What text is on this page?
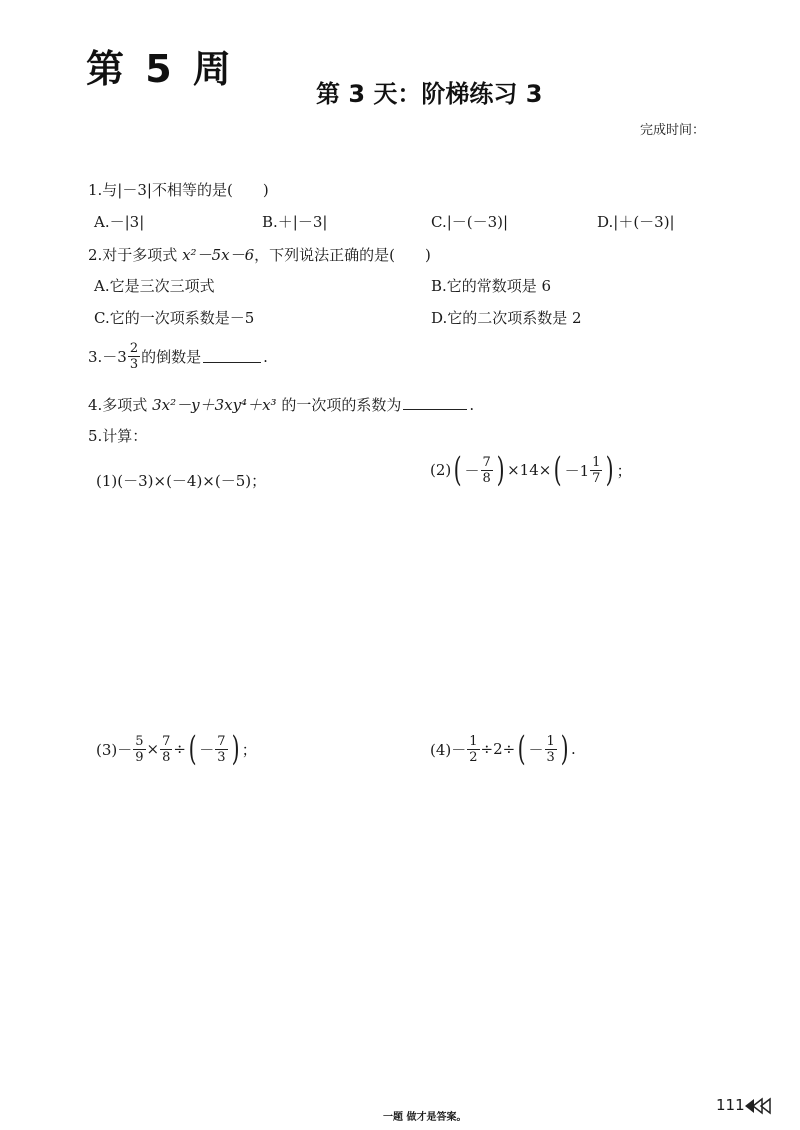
第 5 周
第 3 天：阶梯练习 3
完成时间：
1.与|－3|不相等的是(　　)
A.－|3|	B.＋|－3|	C.|－(－3)|	D.|＋(－3)|
2.对于多项式 x²－5x－6，下列说法正确的是(　　)
A.它是三次三项式	B.它的常数项是 6
C.它的一次项系数是－5	D.它的二次项系数是 2
$3.-3 \frac{2}{3}$ 的倒数是	.
4.多项式 3x²－y＋3xy⁴＋x³ 的一次项的系数为	.
5.计算：
(1)(－3)×(－4)×(－5)；
(2) ( － $\frac{7}{8}$ ) ×14× ( $-1 \frac{1}{7}$ ) ；
$(3)- \frac{5}{9} \times \frac{7}{8}$ ÷ ( － $\frac{7}{3}$ ) ；	$(4)- \frac{1}{2} \div 2\div$ ( － $\frac{1}{3}$ ) .
一题 做才是答案。
111
